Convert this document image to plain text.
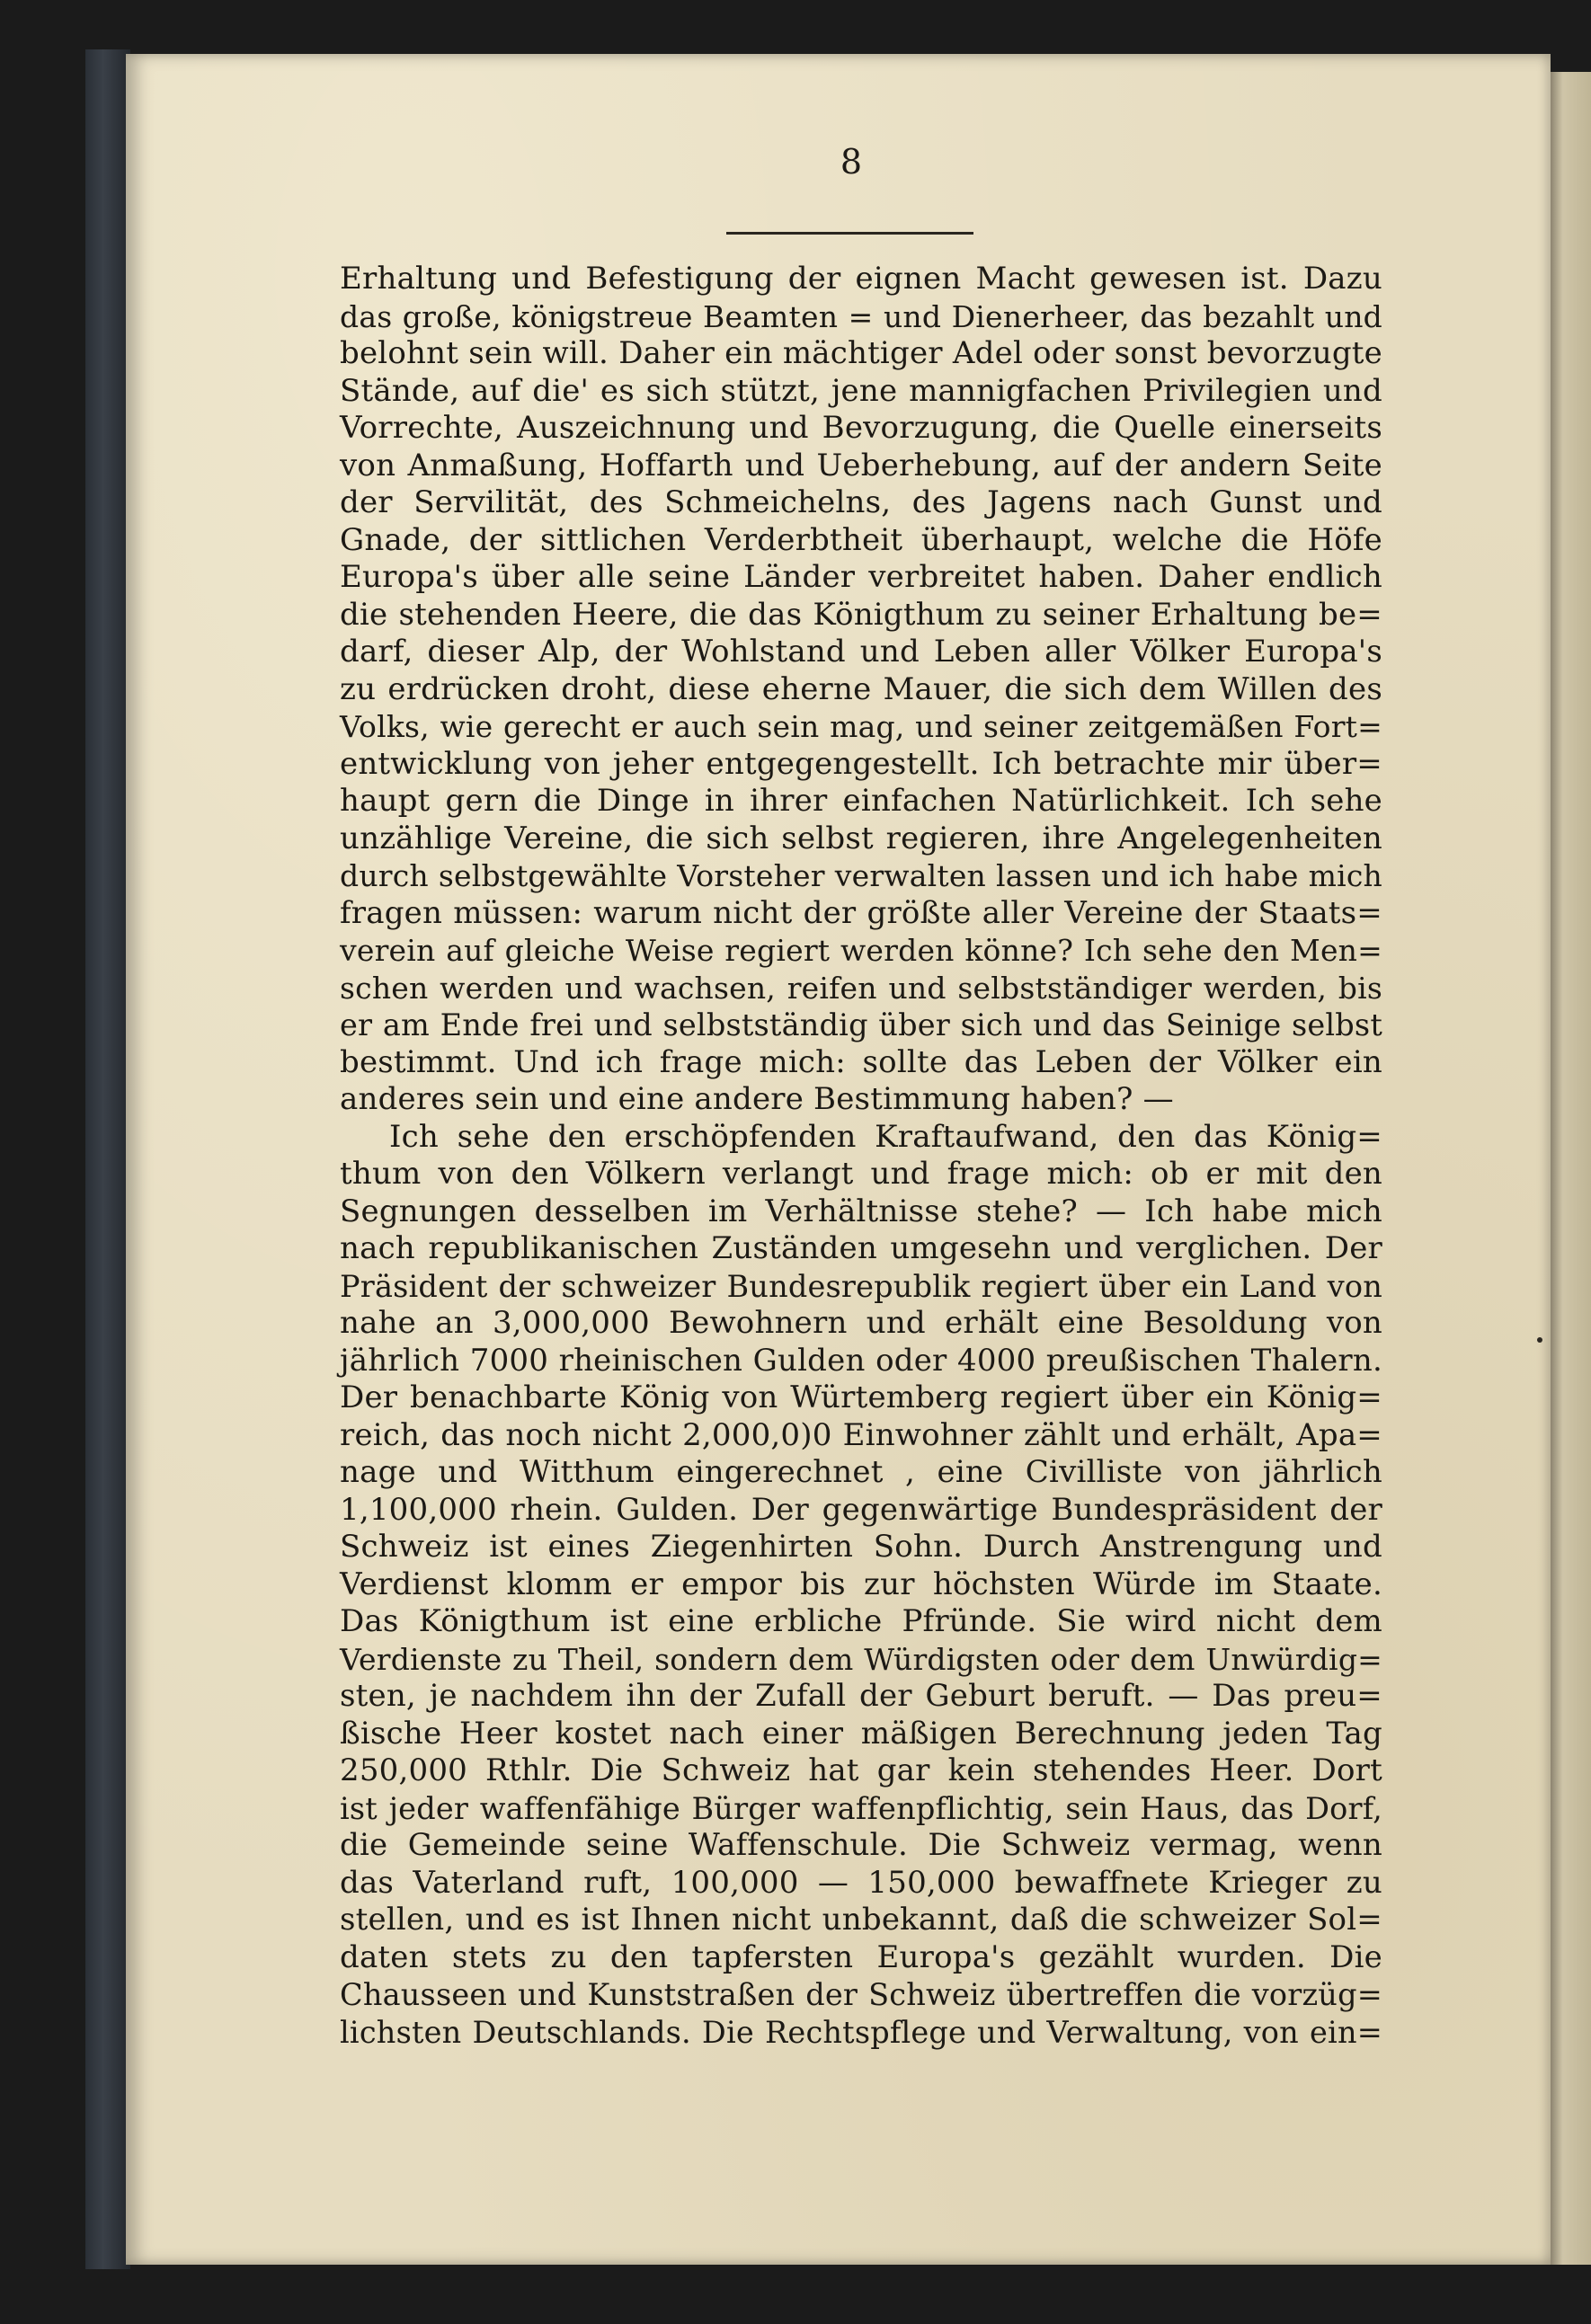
8
Erhaltung und Befestigung der eignen Macht gewesen ist. Dazu
das große, königstreue Beamten = und Dienerheer, das bezahlt und
belohnt sein will. Daher ein mächtiger Adel oder sonst bevorzugte
Stände, auf die' es sich stützt, jene mannigfachen Privilegien und
Vorrechte, Auszeichnung und Bevorzugung, die Quelle einerseits
von Anmaßung, Hoffarth und Ueberhebung, auf der andern Seite
der Servilität, des Schmeichelns, des Jagens nach Gunst und
Gnade, der sittlichen Verderbtheit überhaupt, welche die Höfe
Europa's über alle seine Länder verbreitet haben. Daher endlich
die stehenden Heere, die das Königthum zu seiner Erhaltung be=
darf, dieser Alp, der Wohlstand und Leben aller Völker Europa's
zu erdrücken droht, diese eherne Mauer, die sich dem Willen des
Volks, wie gerecht er auch sein mag, und seiner zeitgemäßen Fort=
entwicklung von jeher entgegengestellt. Ich betrachte mir über=
haupt gern die Dinge in ihrer einfachen Natürlichkeit. Ich sehe
unzählige Vereine, die sich selbst regieren, ihre Angelegenheiten
durch selbstgewählte Vorsteher verwalten lassen und ich habe mich
fragen müssen: warum nicht der größte aller Vereine der Staats=
verein auf gleiche Weise regiert werden könne? Ich sehe den Men=
schen werden und wachsen, reifen und selbstständiger werden, bis
er am Ende frei und selbstständig über sich und das Seinige selbst
bestimmt. Und ich frage mich: sollte das Leben der Völker ein
anderes sein und eine andere Bestimmung haben? —
Ich sehe den erschöpfenden Kraftaufwand, den das König=
thum von den Völkern verlangt und frage mich: ob er mit den
Segnungen desselben im Verhältnisse stehe? — Ich habe mich
nach republikanischen Zuständen umgesehn und verglichen. Der
Präsident der schweizer Bundesrepublik regiert über ein Land von
nahe an 3,000,000 Bewohnern und erhält eine Besoldung von
jährlich 7000 rheinischen Gulden oder 4000 preußischen Thalern.
Der benachbarte König von Würtemberg regiert über ein König=
reich, das noch nicht 2,000,0)0 Einwohner zählt und erhält, Apa=
nage und Witthum eingerechnet , eine Civilliste von jährlich
1,100,000 rhein. Gulden. Der gegenwärtige Bundespräsident der
Schweiz ist eines Ziegenhirten Sohn. Durch Anstrengung und
Verdienst klomm er empor bis zur höchsten Würde im Staate.
Das Königthum ist eine erbliche Pfründe. Sie wird nicht dem
Verdienste zu Theil, sondern dem Würdigsten oder dem Unwürdig=
sten, je nachdem ihn der Zufall der Geburt beruft. — Das preu=
ßische Heer kostet nach einer mäßigen Berechnung jeden Tag
250,000 Rthlr. Die Schweiz hat gar kein stehendes Heer. Dort
ist jeder waffenfähige Bürger waffenpflichtig, sein Haus, das Dorf,
die Gemeinde seine Waffenschule. Die Schweiz vermag, wenn
das Vaterland ruft, 100,000 — 150,000 bewaffnete Krieger zu
stellen, und es ist Ihnen nicht unbekannt, daß die schweizer Sol=
daten stets zu den tapfersten Europa's gezählt wurden. Die
Chausseen und Kunststraßen der Schweiz übertreffen die vorzüg=
lichsten Deutschlands. Die Rechtspflege und Verwaltung, von ein=
